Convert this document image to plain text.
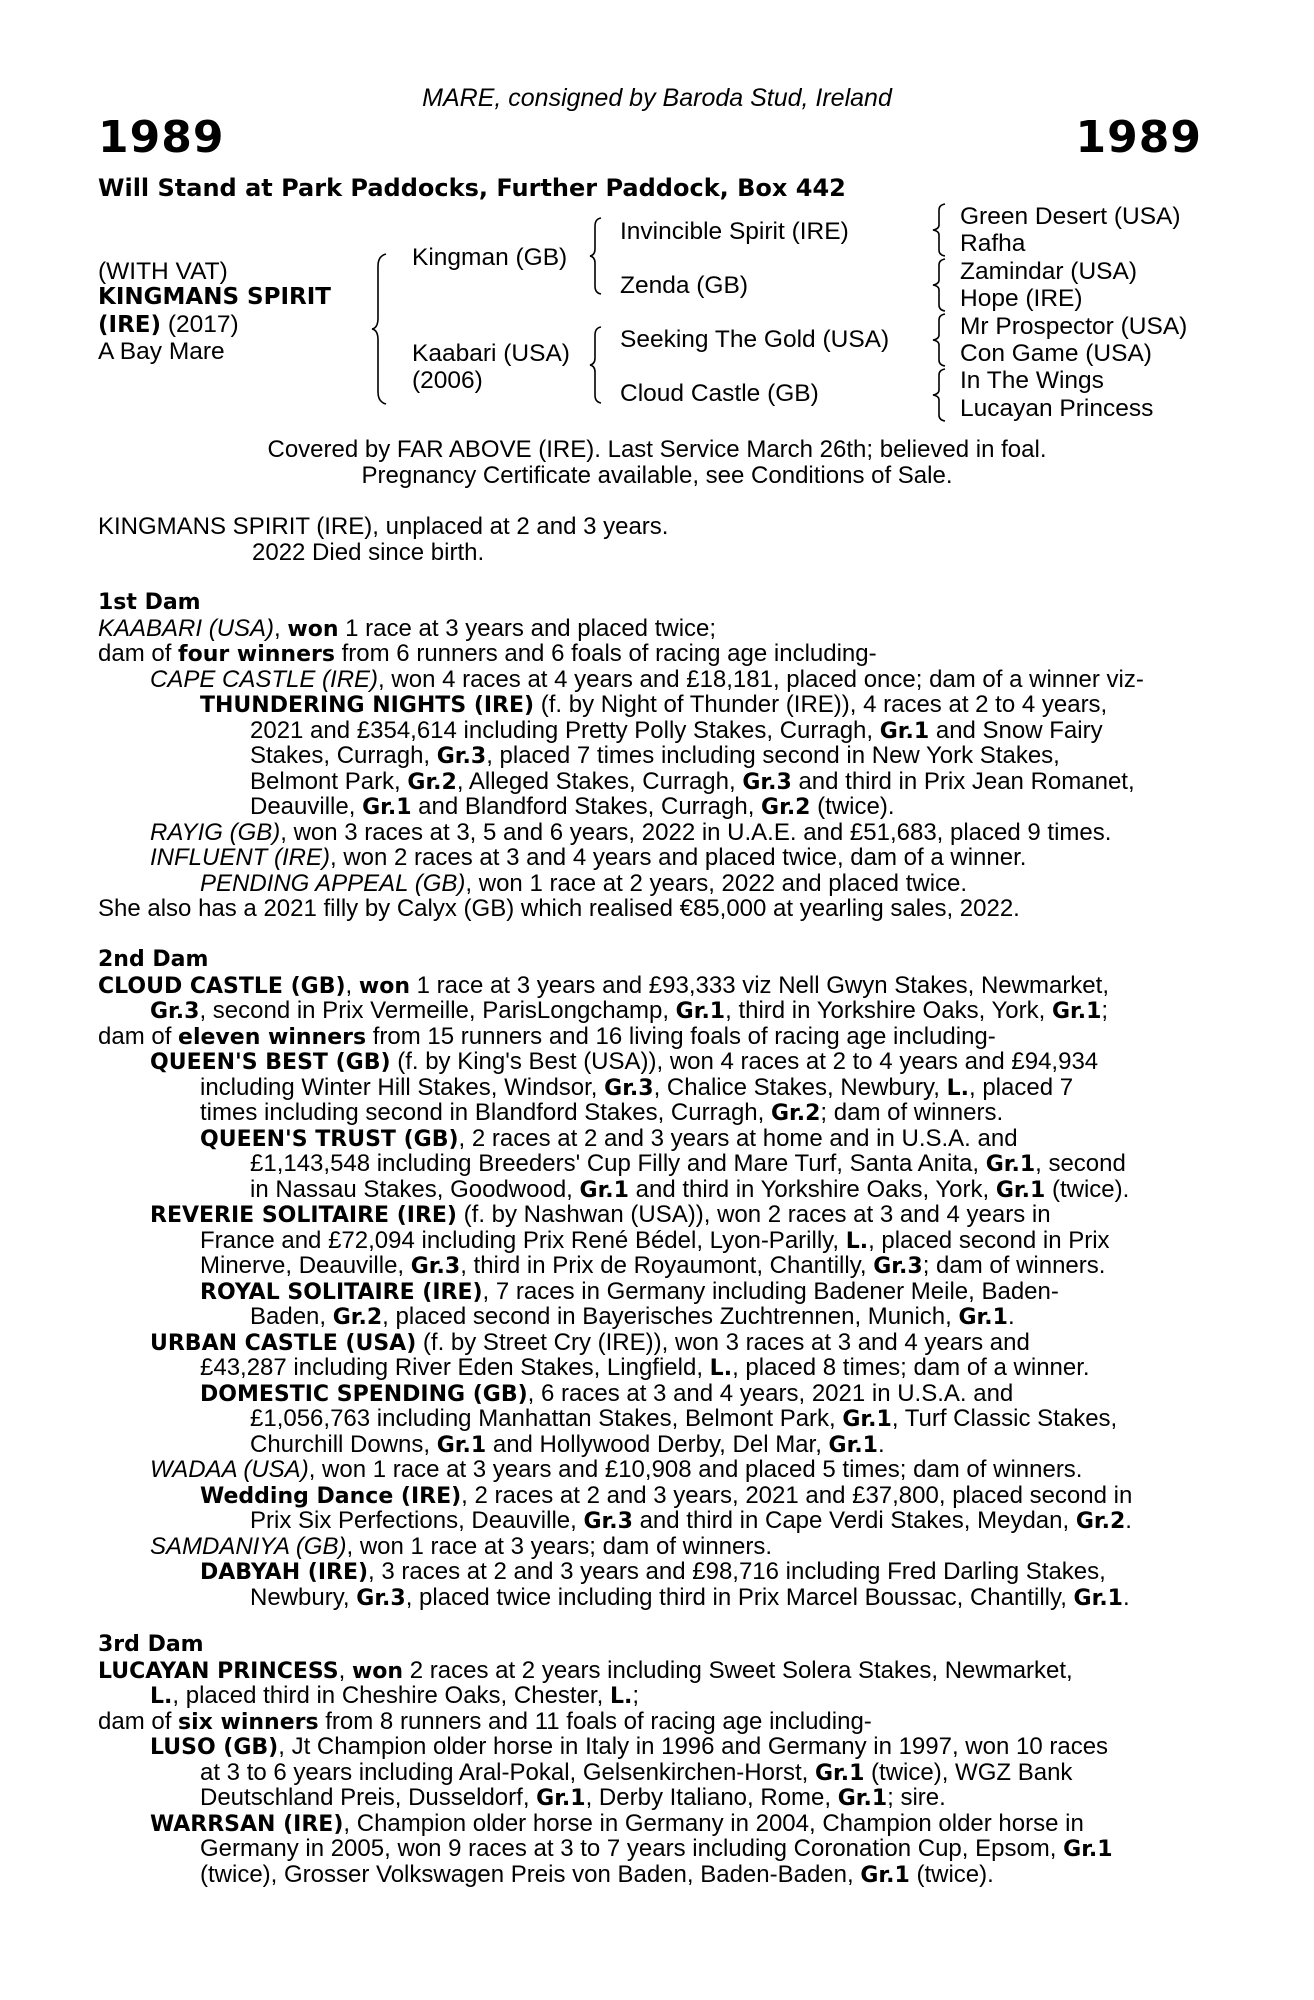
MARE, consigned by Baroda Stud, Ireland
1989	1989
Will Stand at Park Paddocks, Further Paddock, Box 442
(WITH VAT)
KINGMANS SPIRIT
(IRE) (2017)
A Bay Mare
Kingman (GB)
Kaabari (USA)
(2006)
Invincible Spirit (IRE)
Zenda (GB)
Seeking The Gold (USA)
Cloud Castle (GB)
Green Desert (USA)
Rafha
Zamindar (USA)
Hope (IRE)
Mr Prospector (USA)
Con Game (USA)
In The Wings
Lucayan Princess
Covered by FAR ABOVE (IRE). Last Service March 26th; believed in foal.
Pregnancy Certificate available, see Conditions of Sale.
KINGMANS SPIRIT (IRE), unplaced at 2 and 3 years.
2022 Died since birth.
1st Dam
KAABARI (USA), won 1 race at 3 years and placed twice;
dam of four winners from 6 runners and 6 foals of racing age including-
CAPE CASTLE (IRE), won 4 races at 4 years and £18,181, placed once; dam of a winner viz-
THUNDERING NIGHTS (IRE) (f. by Night of Thunder (IRE)), 4 races at 2 to 4 years,
2021 and £354,614 including Pretty Polly Stakes, Curragh, Gr.1 and Snow Fairy
Stakes, Curragh, Gr.3, placed 7 times including second in New York Stakes,
Belmont Park, Gr.2, Alleged Stakes, Curragh, Gr.3 and third in Prix Jean Romanet,
Deauville, Gr.1 and Blandford Stakes, Curragh, Gr.2 (twice).
RAYIG (GB), won 3 races at 3, 5 and 6 years, 2022 in U.A.E. and £51,683, placed 9 times.
INFLUENT (IRE), won 2 races at 3 and 4 years and placed twice, dam of a winner.
PENDING APPEAL (GB), won 1 race at 2 years, 2022 and placed twice.
She also has a 2021 filly by Calyx (GB) which realised €85,000 at yearling sales, 2022.
2nd Dam
CLOUD CASTLE (GB), won 1 race at 3 years and £93,333 viz Nell Gwyn Stakes, Newmarket,
Gr.3, second in Prix Vermeille, ParisLongchamp, Gr.1, third in Yorkshire Oaks, York, Gr.1;
dam of eleven winners from 15 runners and 16 living foals of racing age including-
QUEEN'S BEST (GB) (f. by King's Best (USA)), won 4 races at 2 to 4 years and £94,934
including Winter Hill Stakes, Windsor, Gr.3, Chalice Stakes, Newbury, L., placed 7
times including second in Blandford Stakes, Curragh, Gr.2; dam of winners.
QUEEN'S TRUST (GB), 2 races at 2 and 3 years at home and in U.S.A. and
£1,143,548 including Breeders' Cup Filly and Mare Turf, Santa Anita, Gr.1, second
in Nassau Stakes, Goodwood, Gr.1 and third in Yorkshire Oaks, York, Gr.1 (twice).
REVERIE SOLITAIRE (IRE) (f. by Nashwan (USA)), won 2 races at 3 and 4 years in
France and £72,094 including Prix René Bédel, Lyon-Parilly, L., placed second in Prix
Minerve, Deauville, Gr.3, third in Prix de Royaumont, Chantilly, Gr.3; dam of winners.
ROYAL SOLITAIRE (IRE), 7 races in Germany including Badener Meile, Baden-
Baden, Gr.2, placed second in Bayerisches Zuchtrennen, Munich, Gr.1.
URBAN CASTLE (USA) (f. by Street Cry (IRE)), won 3 races at 3 and 4 years and
£43,287 including River Eden Stakes, Lingfield, L., placed 8 times; dam of a winner.
DOMESTIC SPENDING (GB), 6 races at 3 and 4 years, 2021 in U.S.A. and
£1,056,763 including Manhattan Stakes, Belmont Park, Gr.1, Turf Classic Stakes,
Churchill Downs, Gr.1 and Hollywood Derby, Del Mar, Gr.1.
WADAA (USA), won 1 race at 3 years and £10,908 and placed 5 times; dam of winners.
Wedding Dance (IRE), 2 races at 2 and 3 years, 2021 and £37,800, placed second in
Prix Six Perfections, Deauville, Gr.3 and third in Cape Verdi Stakes, Meydan, Gr.2.
SAMDANIYA (GB), won 1 race at 3 years; dam of winners.
DABYAH (IRE), 3 races at 2 and 3 years and £98,716 including Fred Darling Stakes,
Newbury, Gr.3, placed twice including third in Prix Marcel Boussac, Chantilly, Gr.1.
3rd Dam
LUCAYAN PRINCESS, won 2 races at 2 years including Sweet Solera Stakes, Newmarket,
L., placed third in Cheshire Oaks, Chester, L.;
dam of six winners from 8 runners and 11 foals of racing age including-
LUSO (GB), Jt Champion older horse in Italy in 1996 and Germany in 1997, won 10 races
at 3 to 6 years including Aral-Pokal, Gelsenkirchen-Horst, Gr.1 (twice), WGZ Bank
Deutschland Preis, Dusseldorf, Gr.1, Derby Italiano, Rome, Gr.1; sire.
WARRSAN (IRE), Champion older horse in Germany in 2004, Champion older horse in
Germany in 2005, won 9 races at 3 to 7 years including Coronation Cup, Epsom, Gr.1
(twice), Grosser Volkswagen Preis von Baden, Baden-Baden, Gr.1 (twice).
